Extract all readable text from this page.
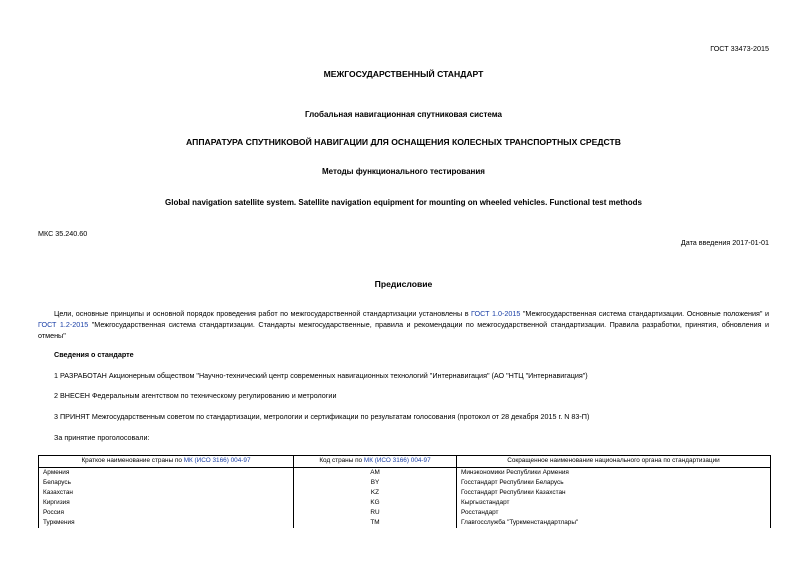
ГОСТ 33473-2015
МЕЖГОСУДАРСТВЕННЫЙ СТАНДАРТ
Глобальная навигационная спутниковая система
АППАРАТУРА СПУТНИКОВОЙ НАВИГАЦИИ ДЛЯ ОСНАЩЕНИЯ КОЛЕСНЫХ ТРАНСПОРТНЫХ СРЕДСТВ
Методы функционального тестирования
Global navigation satellite system. Satellite navigation equipment for mounting on wheeled vehicles. Functional test methods
МКС 35.240.60
Дата введения 2017-01-01
Предисловие
Цели, основные принципы и основной порядок проведения работ по межгосударственной стандартизации установлены в ГОСТ 1.0-2015 "Межгосударственная система стандартизации. Основные положения" и ГОСТ 1.2-2015 "Межгосударственная система стандартизации. Стандарты межгосударственные, правила и рекомендации по межгосударственной стандартизации. Правила разработки, принятия, обновления и отмены"
Сведения о стандарте
1 РАЗРАБОТАН Акционерным обществом "Научно-технический центр современных навигационных технологий "Интернавигация" (АО "НТЦ "Интернавигация")
2 ВНЕСЕН Федеральным агентством по техническому регулированию и метрологии
3 ПРИНЯТ Межгосударственным советом по стандартизации, метрологии и сертификации по результатам голосования (протокол от 28 декабря 2015 г. N 83-П)
За принятие проголосовали:
Краткое наименование страны по МК (ИСО 3166) 004-97	Код страны по МК (ИСО 3166) 004-97	Сокращенное наименование национального органа по стандартизации
Армения	AM	Минэкономики Республики Армения
Беларусь	BY	Госстандарт Республики Беларусь
Казахстан	KZ	Госстандарт Республики Казахстан
Киргизия	KG	Кыргызстандарт
Россия	RU	Росстандарт
Туркмения	TM	Главгосслужба "Туркменстандартлары"
